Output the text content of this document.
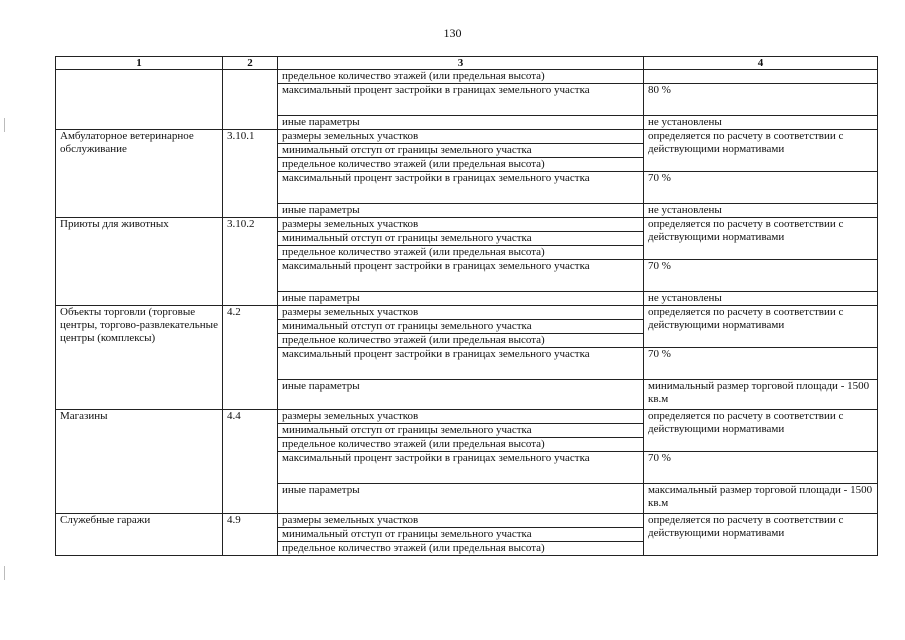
130
1	2	3	4
		предельное количество этажей (или предельная высота)	
		максимальный процент застройки в границах земельного участка	80 %
		иные параметры	не установлены
Амбулаторное ветеринарное обслуживание	3.10.1	размеры земельных участков	определяется по расчету в соответствии с действующими нормативами
		минимальный отступ от границы земельного участка	
		предельное количество этажей (или предельная высота)	
		максимальный процент застройки в границах земельного участка	70 %
		иные параметры	не установлены
Приюты для животных	3.10.2	размеры земельных участков	определяется по расчету в соответствии с действующими нормативами
		минимальный отступ от границы земельного участка	
		предельное количество этажей (или предельная высота)	
		максимальный процент застройки в границах земельного участка	70 %
		иные параметры	не установлены
Объекты торговли (торговые центры, торгово-развлекательные центры (комплексы)	4.2	размеры земельных участков	определяется по расчету в соответствии с действующими нормативами
		минимальный отступ от границы земельного участка	
		предельное количество этажей (или предельная высота)	
		максимальный процент застройки в границах земельного участка	70 %
		иные параметры	минимальный размер торговой площади - 1500 кв.м
Магазины	4.4	размеры земельных участков	определяется по расчету в соответствии с действующими нормативами
		минимальный отступ от границы земельного участка	
		предельное количество этажей (или предельная высота)	
		максимальный процент застройки в границах земельного участка	70 %
		иные параметры	максимальный размер торговой площади - 1500 кв.м
Служебные гаражи	4.9	размеры земельных участков	определяется по расчету в соответствии с действующими нормативами
		минимальный отступ от границы земельного участка	
		предельное количество этажей (или предельная высота)	
